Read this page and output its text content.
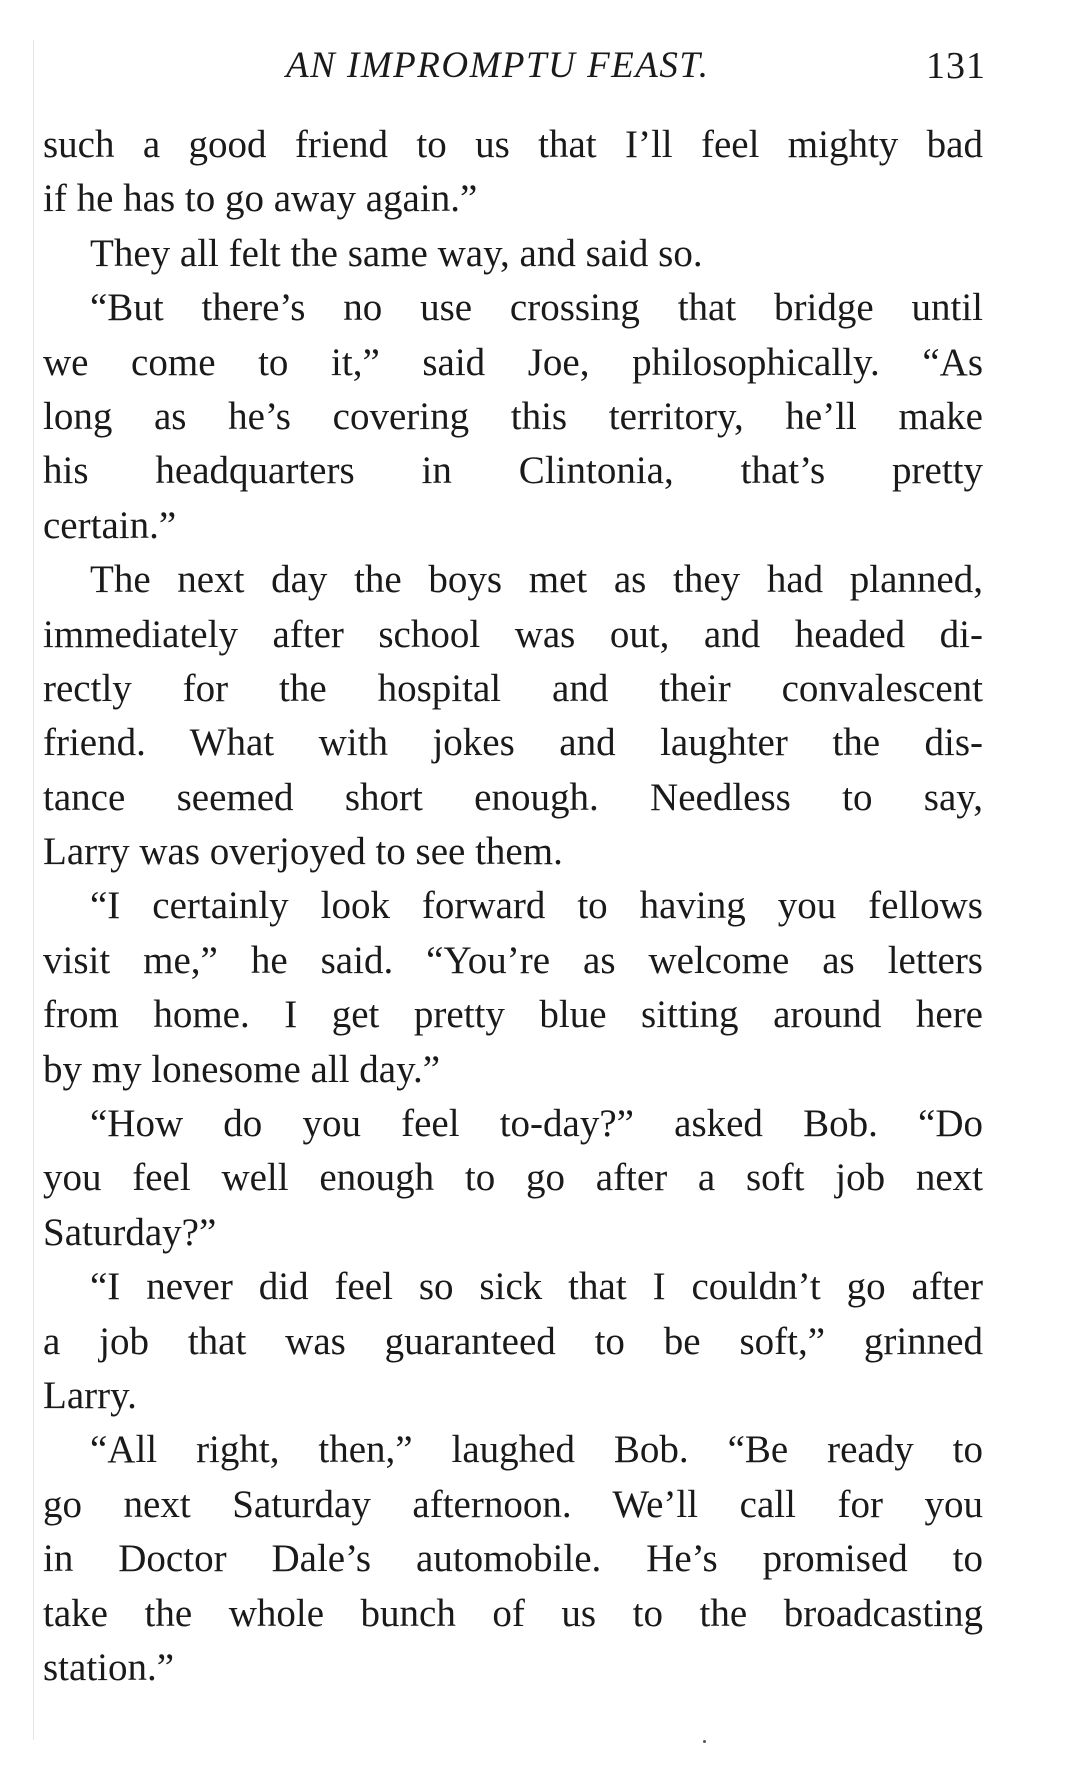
AN IMPROMPTU FEAST.	131
such a good friend to us that I’ll feel mighty bad
if he has to go away again.”
They all felt the same way, and said so.
“But there’s no use crossing that bridge until
we come to it,” said Joe, philosophically. “As
long as he’s covering this territory, he’ll make
his headquarters in Clintonia, that’s pretty
certain.”
The next day the boys met as they had planned,
immediately after school was out, and headed di-
rectly for the hospital and their convalescent
friend. What with jokes and laughter the dis-
tance seemed short enough. Needless to say,
Larry was overjoyed to see them.
“I certainly look forward to having you fellows
visit me,” he said. “You’re as welcome as letters
from home. I get pretty blue sitting around here
by my lonesome all day.”
“How do you feel to-day?” asked Bob. “Do
you feel well enough to go after a soft job next
Saturday?”
“I never did feel so sick that I couldn’t go after
a job that was guaranteed to be soft,” grinned
Larry.
“All right, then,” laughed Bob. “Be ready to
go next Saturday afternoon. We’ll call for you
in Doctor Dale’s automobile. He’s promised to
take the whole bunch of us to the broadcasting
station.”
